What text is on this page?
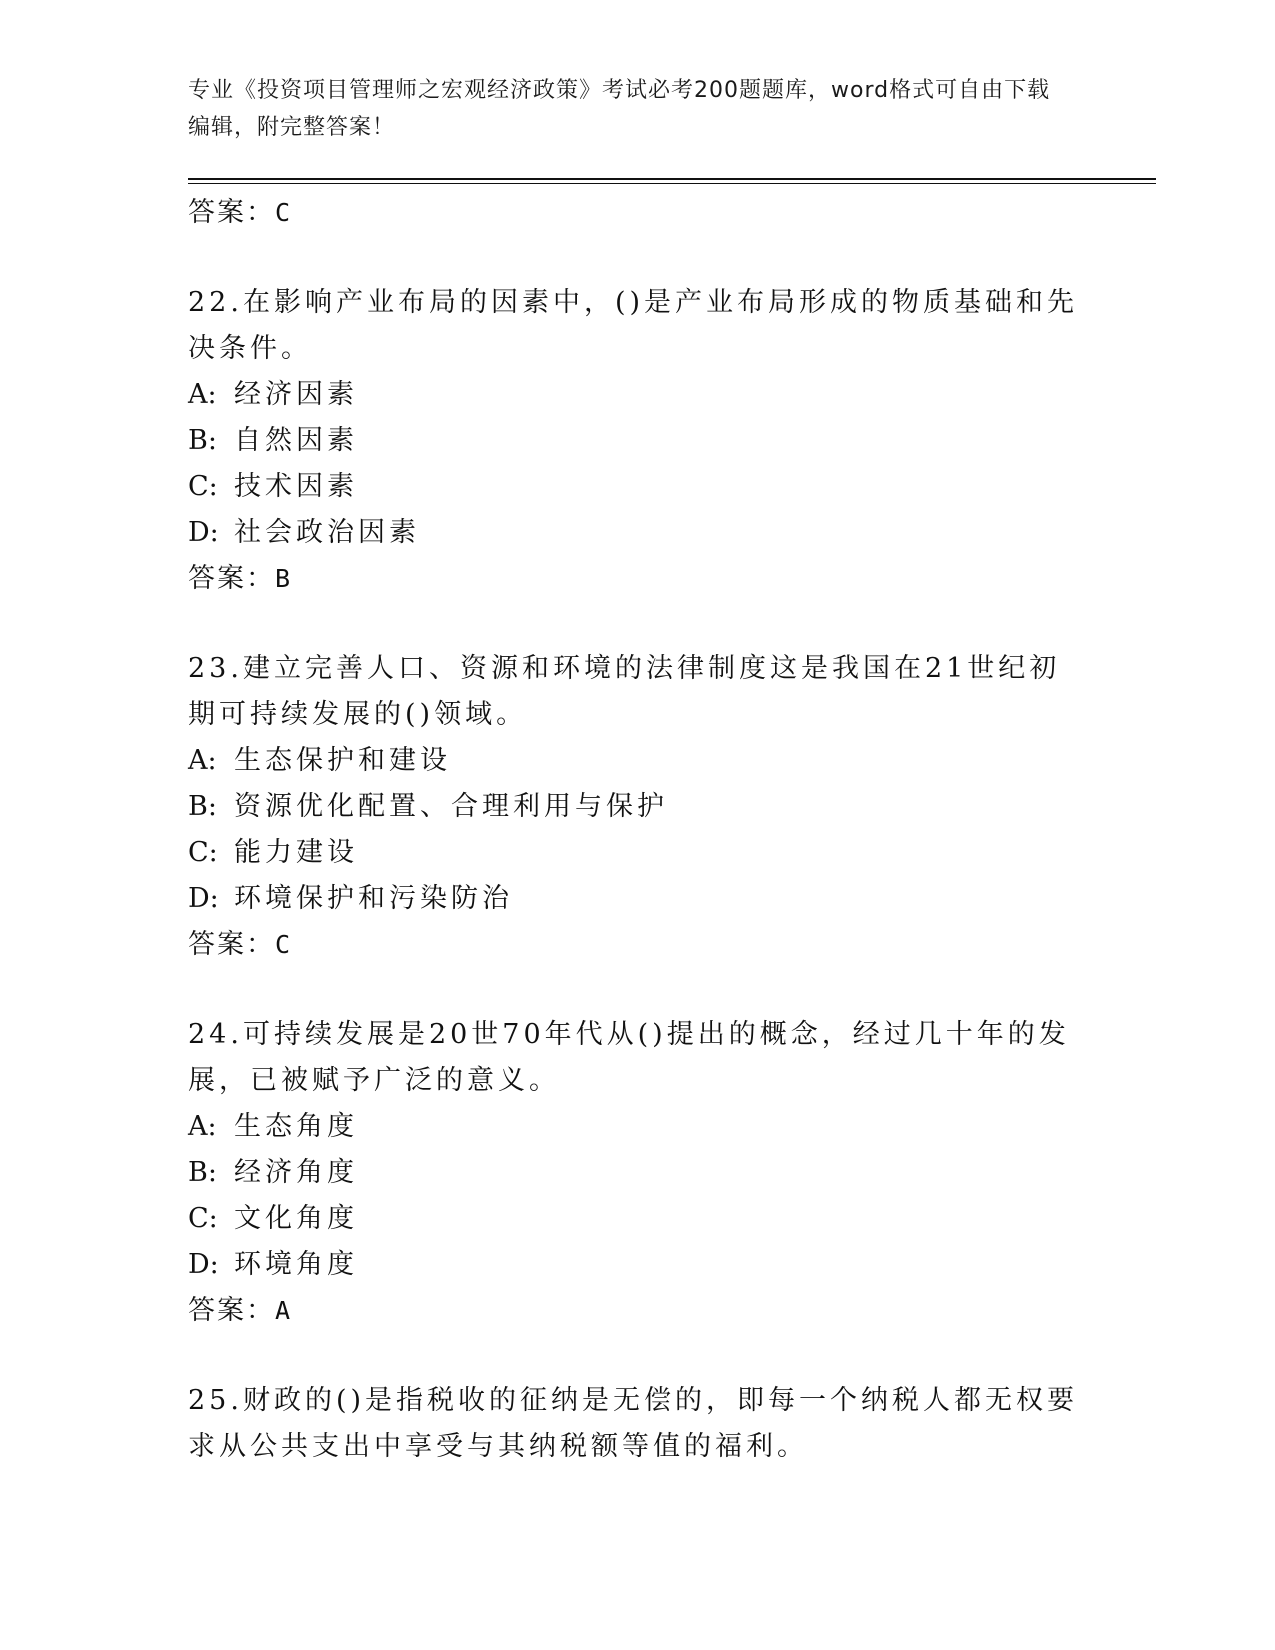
专业《投资项目管理师之宏观经济政策》考试必考200题题库，word格式可自由下载编辑，附完整答案！
答案：C
22.在影响产业布局的因素中，()是产业布局形成的物质基础和先决条件。
A: 经济因素
B: 自然因素
C: 技术因素
D: 社会政治因素
答案：B
23.建立完善人口、资源和环境的法律制度这是我国在21世纪初期可持续发展的()领域。
A: 生态保护和建设
B: 资源优化配置、合理利用与保护
C: 能力建设
D: 环境保护和污染防治
答案：C
24.可持续发展是20世70年代从()提出的概念，经过几十年的发展，已被赋予广泛的意义。
A: 生态角度
B: 经济角度
C: 文化角度
D: 环境角度
答案：A
25.财政的()是指税收的征纳是无偿的，即每一个纳税人都无权要求从公共支出中享受与其纳税额等值的福利。
